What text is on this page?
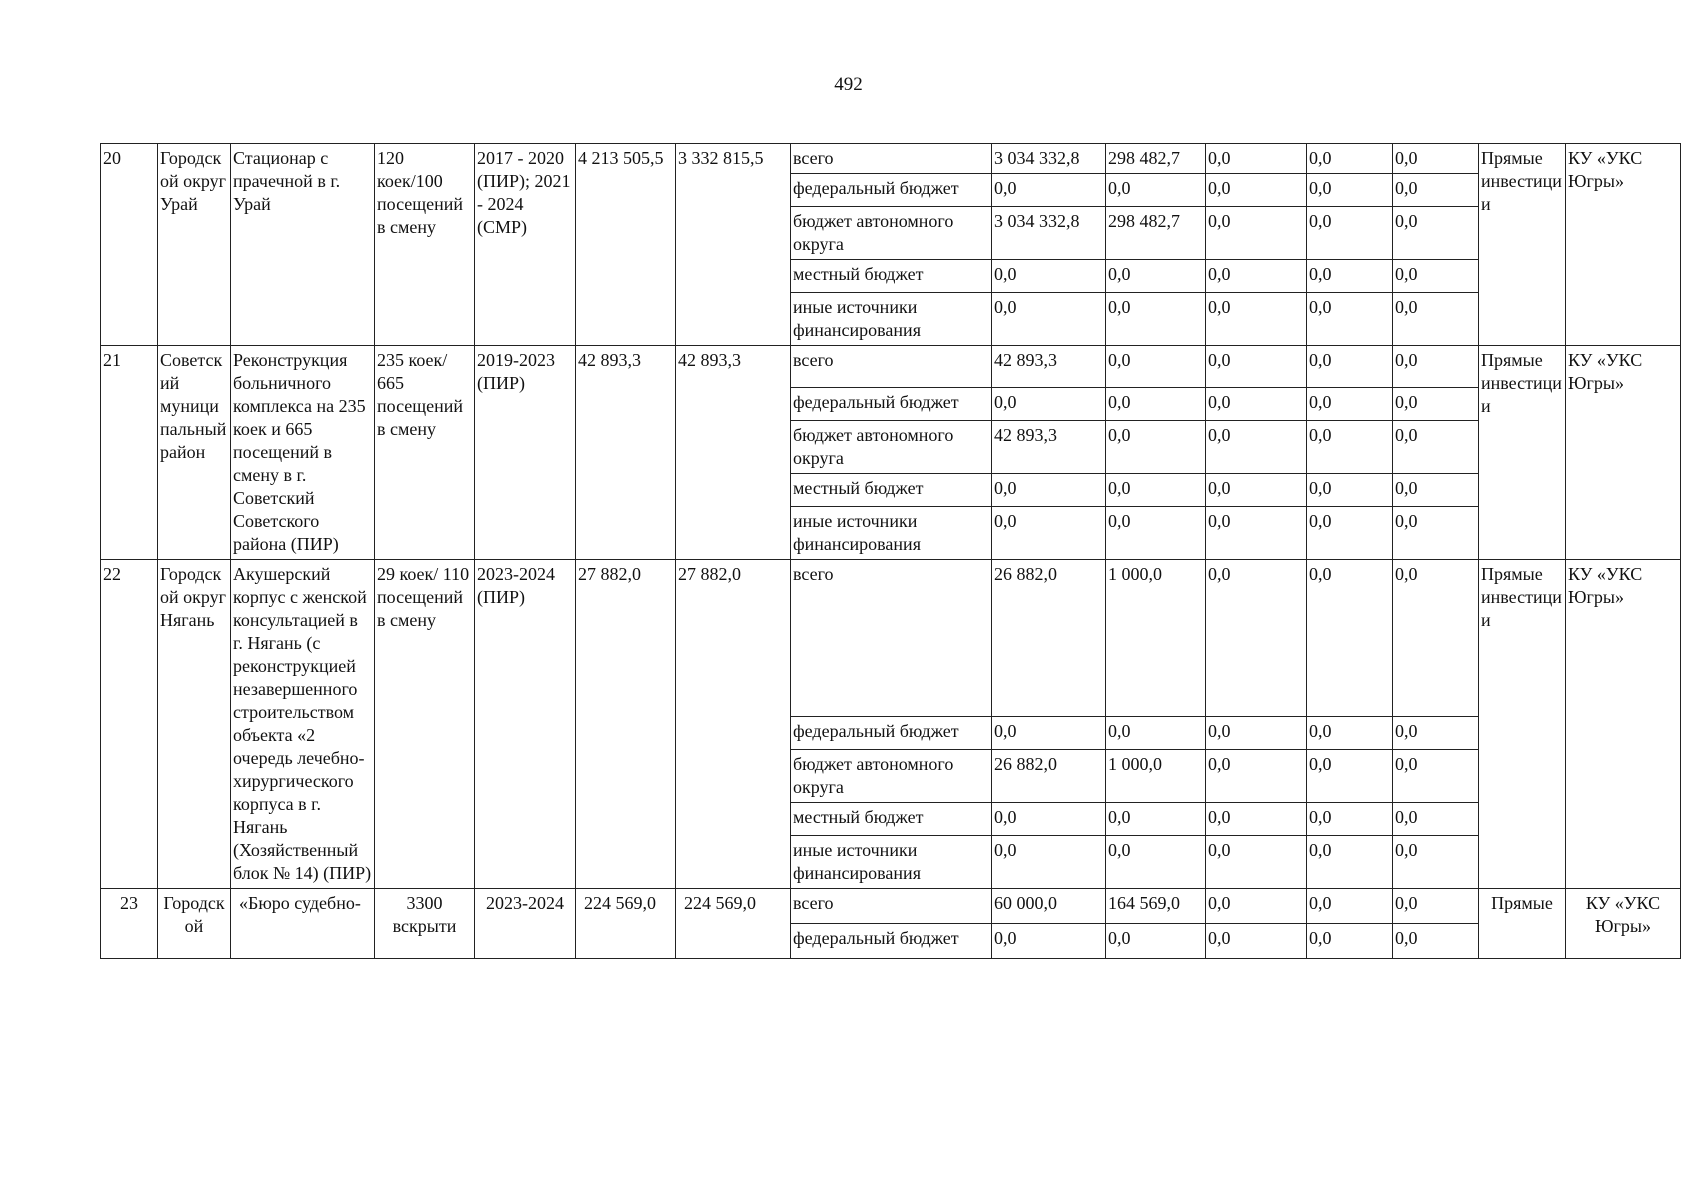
492
20	Городской округ Урай	Стационар с прачечной в г. Урай	120 коек/100 посещений в смену	2017 - 2020 (ПИР); 2021 - 2024 (СМР)	4 213 505,5	3 332 815,5	всего	3 034 332,8	298 482,7	0,0	0,0	0,0	Прямые инвестиции	КУ «УКС Югры»
							федеральный бюджет	0,0	0,0	0,0	0,0	0,0		
							бюджет автономного округа	3 034 332,8	298 482,7	0,0	0,0	0,0		
							местный бюджет	0,0	0,0	0,0	0,0	0,0		
							иные источники финансирования	0,0	0,0	0,0	0,0	0,0		
21	Советский муниципальный район	Реконструкция больничного комплекса на 235 коек и 665 посещений в смену в г. Советский Советского района (ПИР)	235 коек/ 665 посещений в смену	2019-2023 (ПИР)	42 893,3	42 893,3	всего	42 893,3	0,0	0,0	0,0	0,0	Прямые инвестиции	КУ «УКС Югры»
							федеральный бюджет	0,0	0,0	0,0	0,0	0,0		
							бюджет автономного округа	42 893,3	0,0	0,0	0,0	0,0		
							местный бюджет	0,0	0,0	0,0	0,0	0,0		
							иные источники финансирования	0,0	0,0	0,0	0,0	0,0		
22	Городской округ Нягань	Акушерский корпус с женской консультацией в г. Нягань (с реконструкцией незавершенного строительством объекта «2 очередь лечебно-хирургического корпуса в г. Нягань (Хозяйственный блок № 14) (ПИР)	29 коек/ 110 посещений в смену	2023-2024 (ПИР)	27 882,0	27 882,0	всего	26 882,0	1 000,0	0,0	0,0	0,0	Прямые инвестиции	КУ «УКС Югры»
							федеральный бюджет	0,0	0,0	0,0	0,0	0,0		
							бюджет автономного округа	26 882,0	1 000,0	0,0	0,0	0,0		
							местный бюджет	0,0	0,0	0,0	0,0	0,0		
							иные источники финансирования	0,0	0,0	0,0	0,0	0,0		
23	Городской	«Бюро судебно-	3300 вскрыти	2023-2024	224 569,0	224 569,0	всего	60 000,0	164 569,0	0,0	0,0	0,0	Прямые	КУ «УКС Югры»
							федеральный бюджет	0,0	0,0	0,0	0,0	0,0		
